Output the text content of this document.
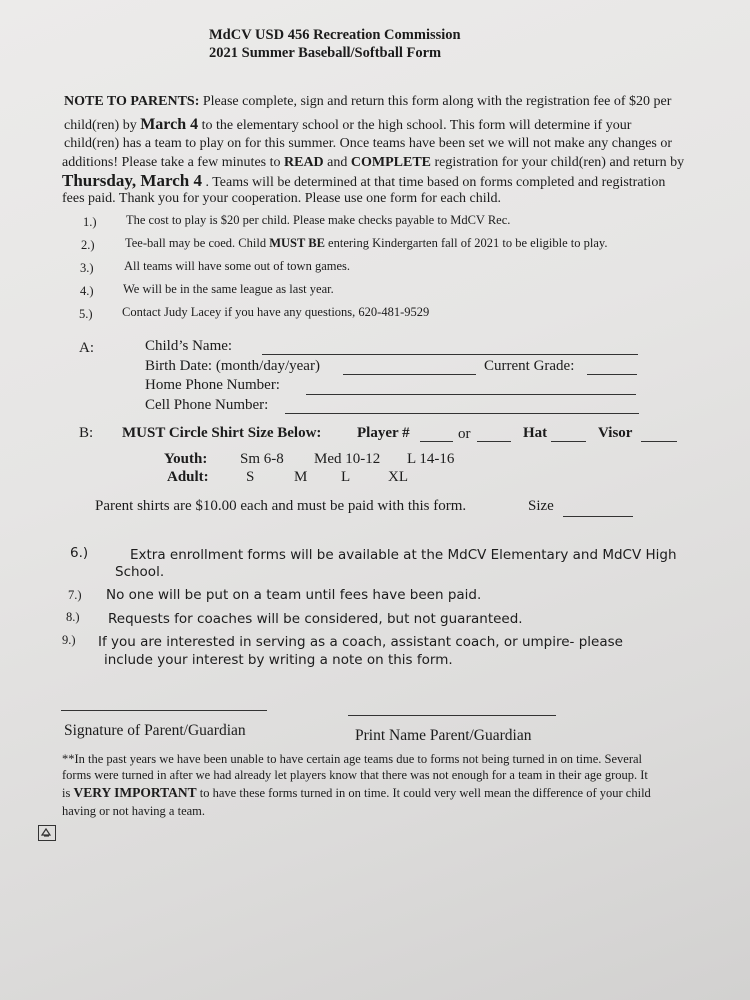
MdCV USD 456 Recreation Commission
2021 Summer Baseball/Softball Form
NOTE TO PARENTS: Please complete, sign and return this form along with the registration fee of $20 per
child(ren) by March 4 to the elementary school or the high school. This form will determine if your
child(ren) has a team to play on for this summer. Once teams have been set we will not make any changes or
additions! Please take a few minutes to READ and COMPLETE registration for your child(ren) and return by
Thursday, March 4 . Teams will be determined at that time based on forms completed and registration
fees paid. Thank you for your cooperation. Please use one form for each child.
1.) The cost to play is $20 per child. Please make checks payable to MdCV Rec.
2.) Tee-ball may be coed. Child MUST BE entering Kindergarten fall of 2021 to be eligible to play.
3.) All teams will have some out of town games.
4.) We will be in the same league as last year.
5.) Contact Judy Lacey if you have any questions, 620-481-9529
A:	Child’s Name:
Birth Date: (month/day/year)	Current Grade:
Home Phone Number:
Cell Phone Number:
B: MUST Circle Shirt Size Below: Player #	or	Hat	Visor
Youth: Sm 6-8 Med 10-12 L 14-16
Adult: S	M L	XL
Parent shirts are $10.00 each and must be paid with this form.	Size
6.)	Extra enrollment forms will be available at the MdCV Elementary and MdCV High
School.
7.) No one will be put on a team until fees have been paid.
8.) Requests for coaches will be considered, but not guaranteed.
9.) If you are interested in serving as a coach, assistant coach, or umpire- please
include your interest by writing a note on this form.
Signature of Parent/Guardian	Print Name Parent/Guardian
**In the past years we have been unable to have certain age teams due to forms not being turned in on time. Several
forms were turned in after we had already let players know that there was not enough for a team in their age group. It
is VERY IMPORTANT to have these forms turned in on time. It could very well mean the difference of your child
having or not having a team.
